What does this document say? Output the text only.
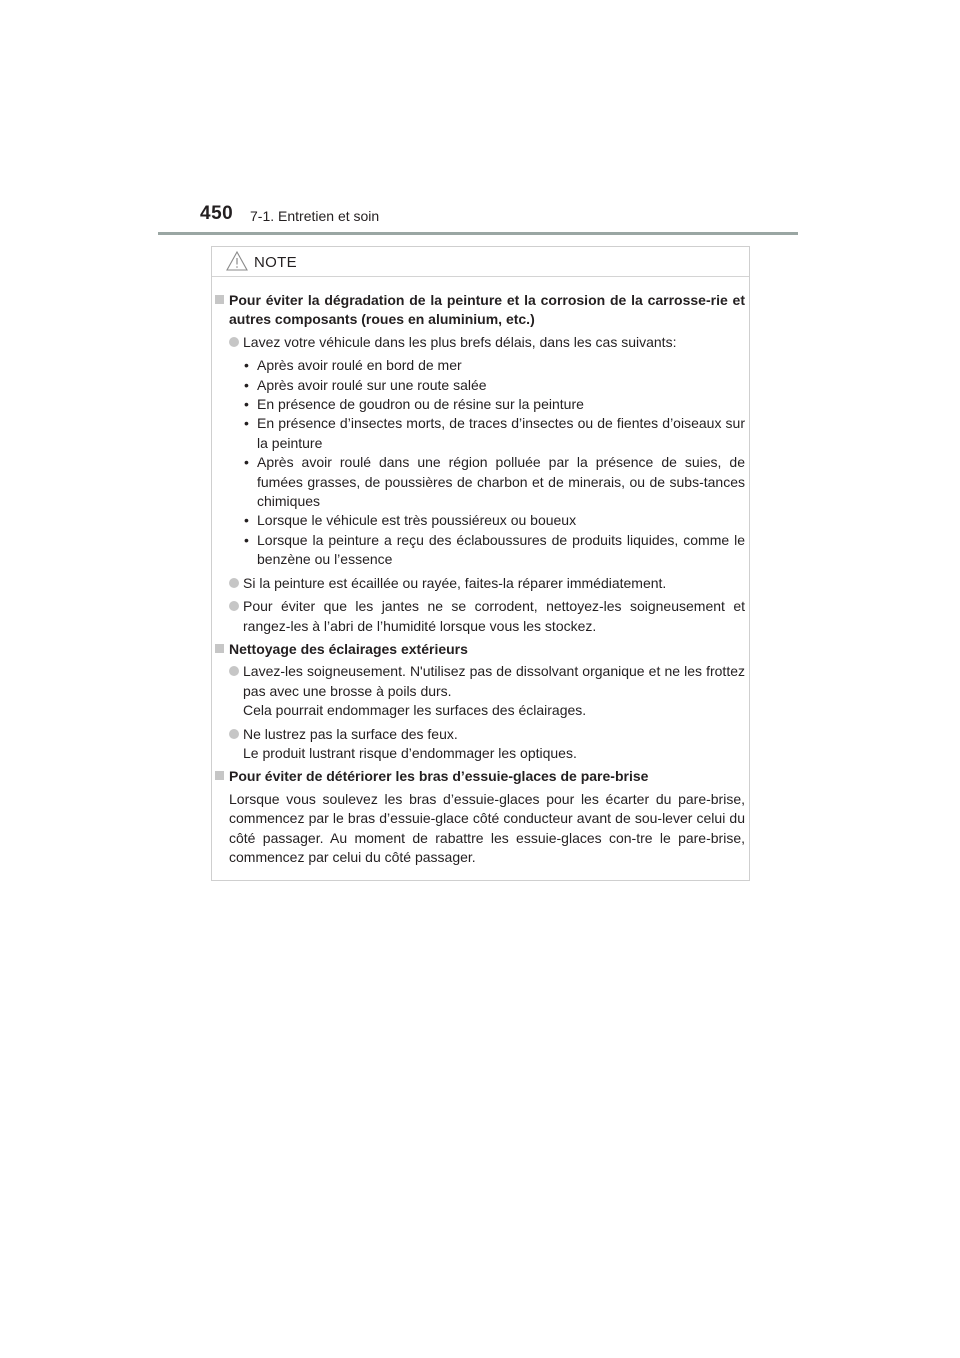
450 7-1. Entretien et soin
NOTE
Pour éviter la dégradation de la peinture et la corrosion de la carrosse-rie et autres composants (roues en aluminium, etc.)
Lavez votre véhicule dans les plus brefs délais, dans les cas suivants:
• Après avoir roulé en bord de mer
• Après avoir roulé sur une route salée
• En présence de goudron ou de résine sur la peinture
• En présence d’insectes morts, de traces d’insectes ou de fientes d’oiseaux sur la peinture
• Après avoir roulé dans une région polluée par la présence de suies, de fumées grasses, de poussières de charbon et de minerais, ou de subs-tances chimiques
• Lorsque le véhicule est très poussiéreux ou boueux
• Lorsque la peinture a reçu des éclaboussures de produits liquides, comme le benzène ou l’essence
Si la peinture est écaillée ou rayée, faites-la réparer immédiatement.
Pour éviter que les jantes ne se corrodent, nettoyez-les soigneusement et rangez-les à l’abri de l’humidité lorsque vous les stockez.
Nettoyage des éclairages extérieurs
Lavez-les soigneusement. N'utilisez pas de dissolvant organique et ne les frottez pas avec une brosse à poils durs.
Cela pourrait endommager les surfaces des éclairages.
Ne lustrez pas la surface des feux.
Le produit lustrant risque d’endommager les optiques.
Pour éviter de détériorer les bras d’essuie-glaces de pare-brise
Lorsque vous soulevez les bras d’essuie-glaces pour les écarter du pare-brise, commencez par le bras d’essuie-glace côté conducteur avant de sou-lever celui du côté passager. Au moment de rabattre les essuie-glaces con-tre le pare-brise, commencez par celui du côté passager.
